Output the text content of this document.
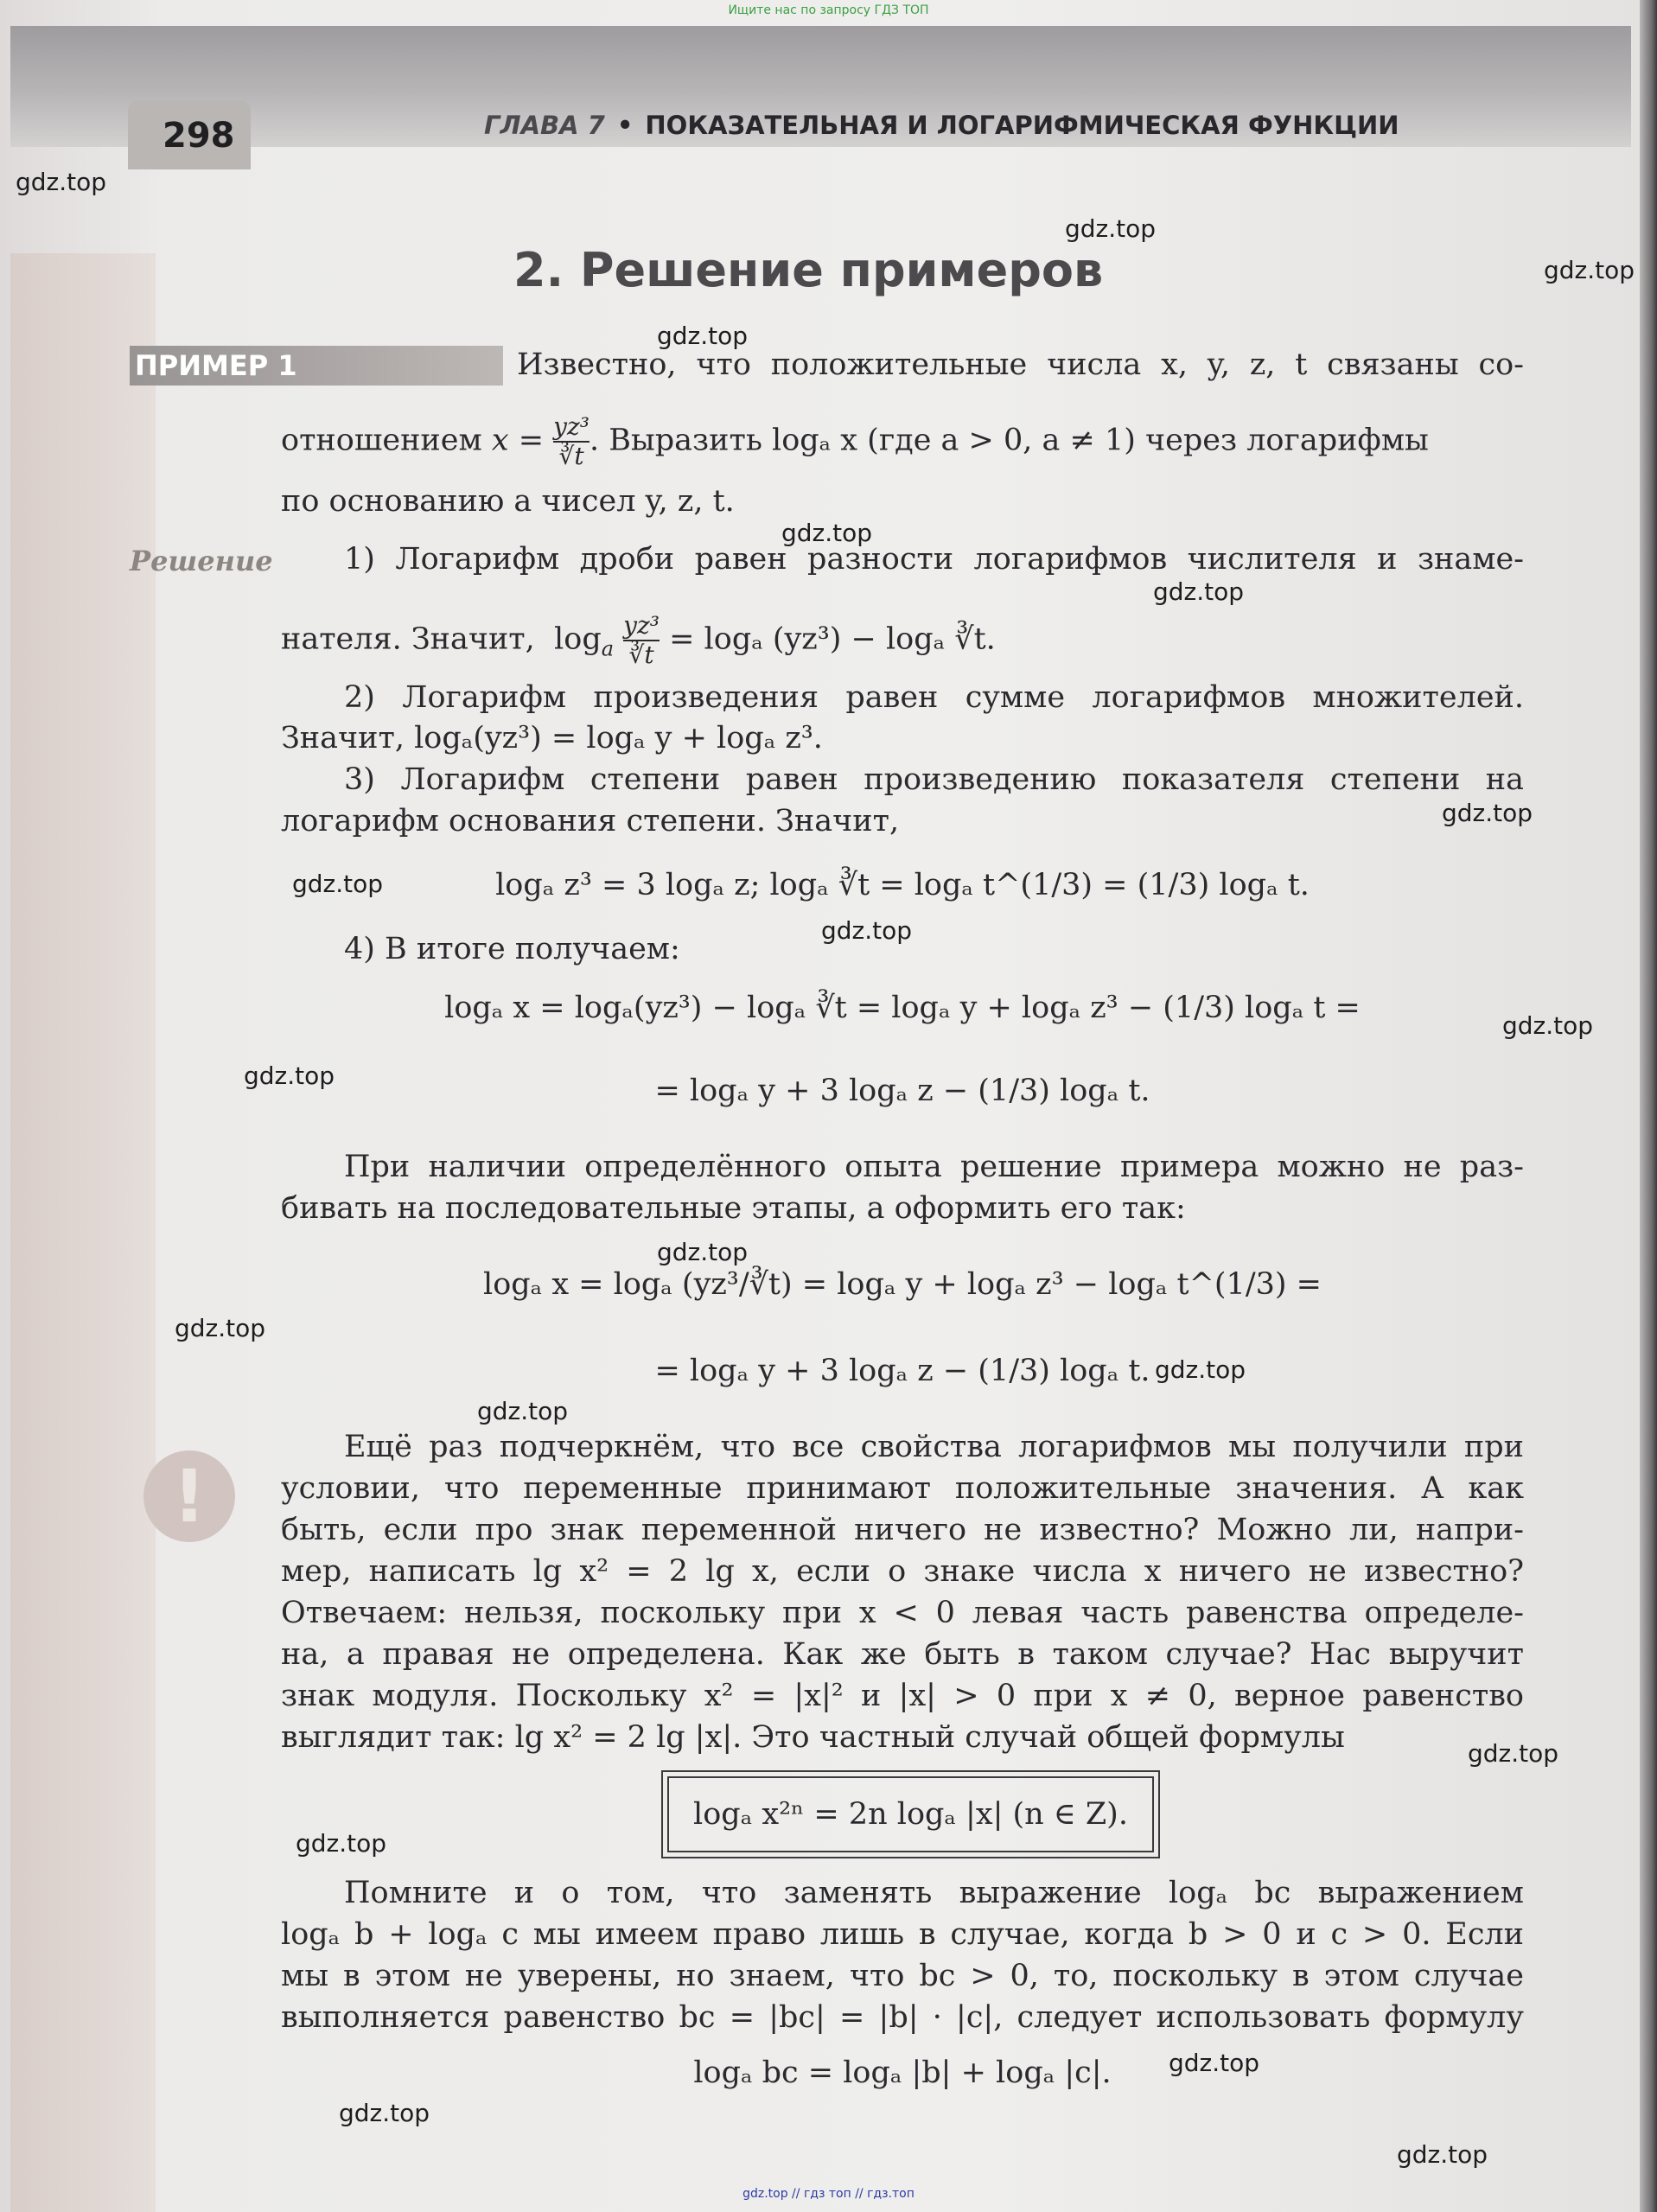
Ищите нас по запросу ГДЗ ТОП
298	ГЛАВА 7 • ПОКАЗАТЕЛЬНАЯ И ЛОГАРИФМИЧЕСКАЯ ФУНКЦИИ
2. Решение примеров
ПРИМЕР 1	Известно, что положительные числа x, y, z, t связаны со-
отношением $x = \frac{\text{yz³}}{∛t}$ . Выразить logₐ x (где a > 0, a ≠ 1) через логарифмы
по основанию a чисел y, z, t.
Решение 1) Логарифм дроби равен разности логарифмов числителя и знаме-
нателя. Значит,  $\log_a \frac{\text{yz³}}{∛t} = \log_a$ (yz³) − logₐ ∛t.
2) Логарифм произведения равен сумме логарифмов множителей.
Значит, logₐ(yz³) = logₐ y + logₐ z³.
3) Логарифм степени равен произведению показателя степени на
логарифм основания степени. Значит,
logₐ z³ = 3 logₐ z; logₐ ∛t = logₐ t^(1/3) = (1/3) logₐ t.
4) В итоге получаем:
logₐ x = logₐ(yz³) − logₐ ∛t = logₐ y + logₐ z³ − (1/3) logₐ t =
= logₐ y + 3 logₐ z − (1/3) logₐ t.
При наличии определённого опыта решение примера можно не раз-
бивать на последовательные этапы, а оформить его так:
logₐ x = logₐ (yz³/∛t) = logₐ y + logₐ z³ − logₐ t^(1/3) =
= logₐ y + 3 logₐ z − (1/3) logₐ t.
!
Ещё раз подчеркнём, что все свойства логарифмов мы получили при
условии, что переменные принимают положительные значения. А как
быть, если про знак переменной ничего не известно? Можно ли, напри-
мер, написать lg x² = 2 lg x, если о знаке числа x ничего не известно?
Отвечаем: нельзя, поскольку при x < 0 левая часть равенства определе-
на, а правая не определена. Как же быть в таком случае? Нас выручит
знак модуля. Поскольку x² = |x|² и |x| > 0 при x ≠ 0, верное равенство
выглядит так: lg x² = 2 lg |x|. Это частный случай общей формулы
logₐ x²ⁿ = 2n logₐ |x| (n ∈ Z).
Помните и о том, что заменять выражение logₐ bc выражением
logₐ b + logₐ c мы имеем право лишь в случае, когда b > 0 и c > 0. Если
мы в этом не уверены, но знаем, что bc > 0, то, поскольку в этом случае
выполняется равенство bc = |bc| = |b| · |c|, следует использовать формулу
logₐ bc = logₐ |b| + logₐ |c|.
gdz.top
gdz.top
gdz.top
gdz.top
gdz.top
gdz.top
gdz.top
gdz.top
gdz.top
gdz.top
gdz.top
gdz.top
gdz.top
gdz.top
gdz.top
gdz.top
gdz.top
gdz.top
gdz.top
gdz.top
gdz.top // гдз топ // гдз.топ
